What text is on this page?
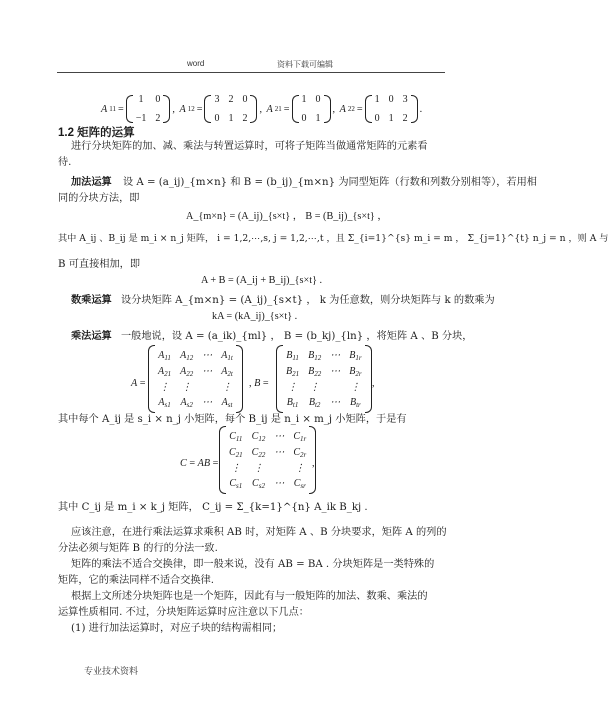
word	资料下载可编辑
A 11 =
1 0
−1 2
, A 12 =
3 2 0
0 1 2
, A 21 =
1 0
0 1
, A 22 =
1 0 3
0 1 2
.
1.2 矩阵的运算
进行分块矩阵的加、减、乘法与转置运算时，可将子矩阵当做通常矩阵的元素看
待.
加法运算 设 A = (a_ij)_{m×n} 和 B = (b_ij)_{m×n} 为同型矩阵（行数和列数分别相等），若用相
同的分块方法，即
A_{m×n} = (A_ij)_{s×t} ， B = (B_ij)_{s×t} ，
其中 A_ij 、B_ij 是 m_i × n_j 矩阵， i = 1,2,⋯,s, j = 1,2,⋯,t ，且 Σ_{i=1}^{s} m_i = m ， Σ_{j=1}^{t} n_j = n ，则 A 与
B 可直接相加，即
A + B = (A_ij + B_ij)_{s×t} .
数乘运算 设分块矩阵 A_{m×n} = (A_ij)_{s×t} ， k 为任意数，则分块矩阵与 k 的数乘为
kA = (kA_ij)_{s×t} .
乘法运算 一般地说，设 A = (a_ik)_{ml} ， B = (b_kj)_{ln} ，将矩阵 A 、B 分块，
A =
$A_{11}$ $A_{12}$ ⋯ $A_{1t}$
$A_{21}$ $A_{22}$ ⋯ $A_{2t}$
⋮ ⋮	⋮
$A_{s1}$ $A_{s2}$ ⋯ $A_{st}$
, B =
$B_{11}$ $B_{12}$ ⋯ $B_{1r}$
$B_{21}$ $B_{22}$ ⋯ $B_{2r}$
⋮ ⋮	⋮
$B_{t1}$ $B_{t2}$ ⋯ $B_{tr}$
,
其中每个 A_ij 是 s_i × n_j 小矩阵，每个 B_ij 是 n_i × m_j 小矩阵，于是有
C = AB =
$C_{11}$ $C_{12}$ ⋯ $C_{1r}$
$C_{21}$ $C_{22}$ ⋯ $C_{2r}$
⋮ ⋮	⋮
$C_{s1}$ $C_{s2}$ ⋯ $C_{sr}$
,
其中 C_ij 是 m_i × k_j 矩阵， C_ij = Σ_{k=1}^{n} A_ik B_kj .
应该注意，在进行乘法运算求乘积 AB 时，对矩阵 A 、B 分块要求，矩阵 A 的列的
分法必须与矩阵 B 的行的分法一致.
矩阵的乘法不适合交换律，即一般来说，没有 AB = BA . 分块矩阵是一类特殊的
矩阵，它的乘法同样不适合交换律.
根据上文所述分块矩阵也是一个矩阵，因此有与一般矩阵的加法、数乘、乘法的
运算性质相同. 不过，分块矩阵运算时应注意以下几点：
(1) 进行加法运算时，对应子块的结构需相同；
专业技术资料
